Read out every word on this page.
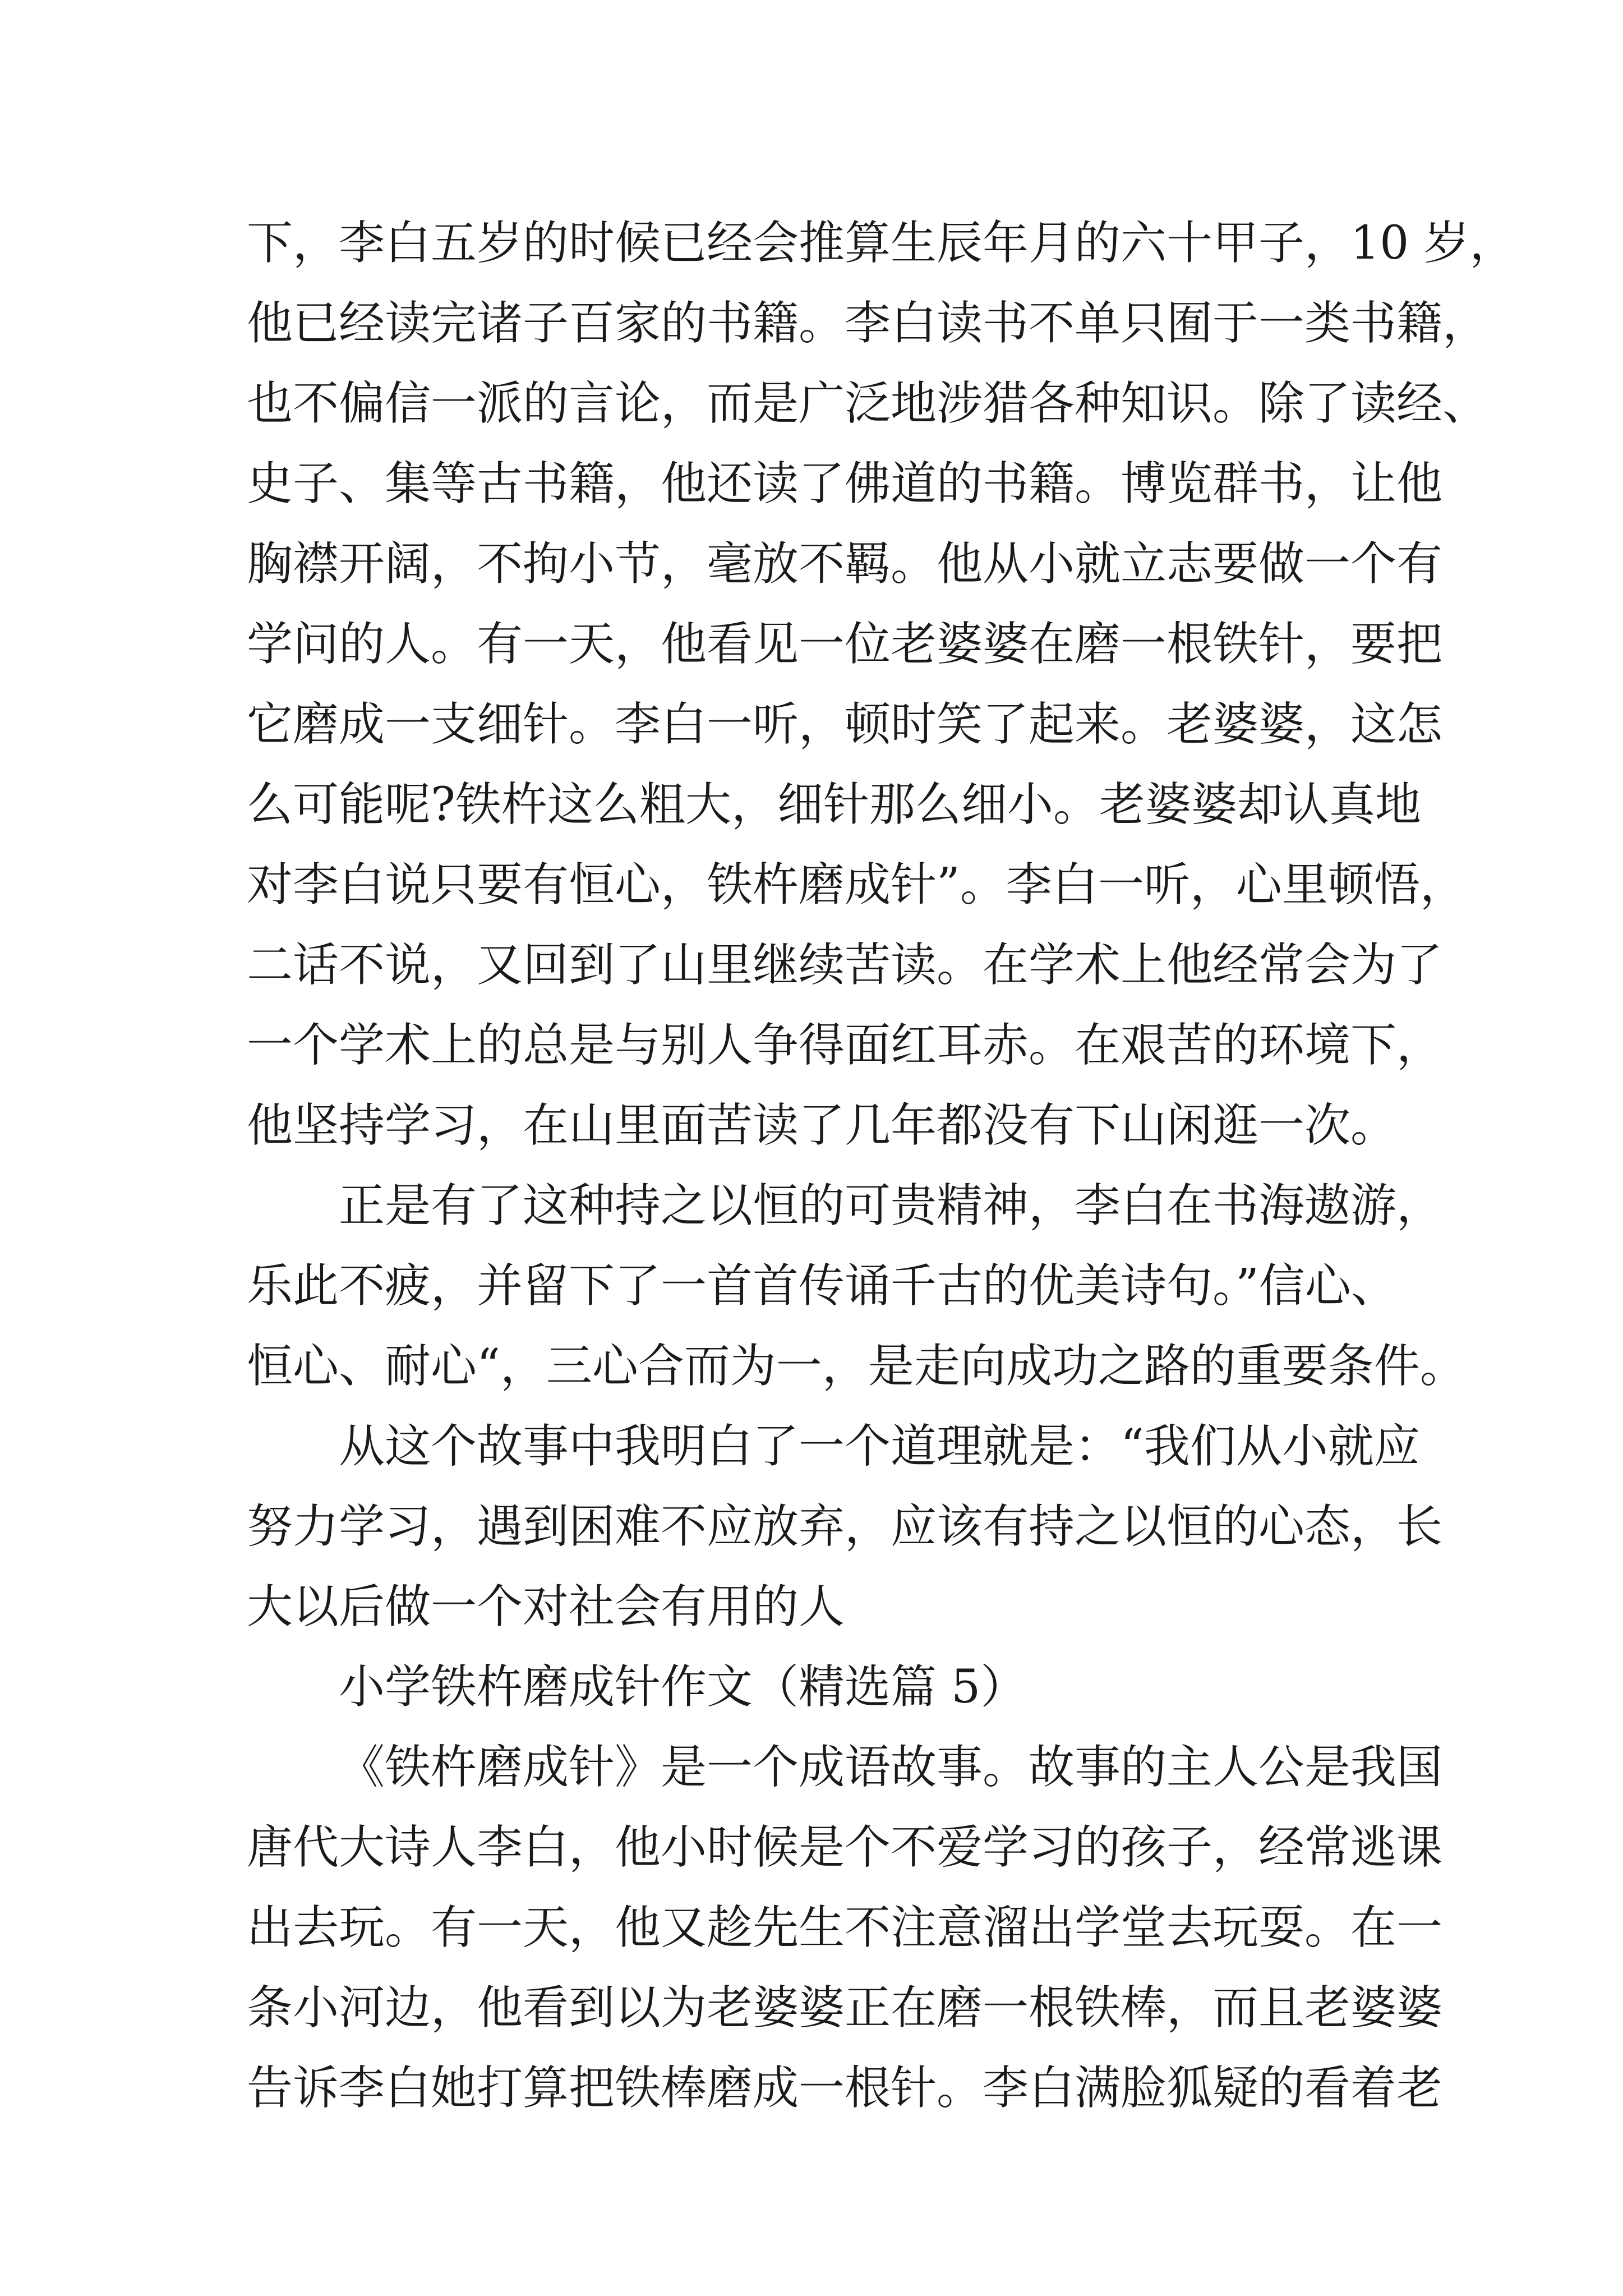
下，李白五岁的时候已经会推算生辰年月的六十甲子，10 岁，
他已经读完诸子百家的书籍。李白读书不单只囿于一类书籍，
也不偏信一派的言论，而是广泛地涉猎各种知识。除了读经、
史子、集等古书籍，他还读了佛道的书籍。博览群书，让他
胸襟开阔，不拘小节，毫放不羁。他从小就立志要做一个有
学问的人。有一天，他看见一位老婆婆在磨一根铁针，要把
它磨成一支细针。李白一听，顿时笑了起来。老婆婆，这怎
么可能呢?铁杵这么粗大，细针那么细小。老婆婆却认真地
对李白说只要有恒心，铁杵磨成针”。李白一听，心里顿悟，
二话不说，又回到了山里继续苦读。在学术上他经常会为了
一个学术上的总是与别人争得面红耳赤。在艰苦的环境下，
他坚持学习，在山里面苦读了几年都没有下山闲逛一次。
正是有了这种持之以恒的可贵精神，李白在书海遨游，
乐此不疲，并留下了一首首传诵千古的优美诗句。”信心、
恒心、耐心“，三心合而为一，是走向成功之路的重要条件。
从这个故事中我明白了一个道理就是：“我们从小就应
努力学习，遇到困难不应放弃，应该有持之以恒的心态，长
大以后做一个对社会有用的人
小学铁杵磨成针作文（精选篇 5）
《铁杵磨成针》是一个成语故事。故事的主人公是我国
唐代大诗人李白，他小时候是个不爱学习的孩子，经常逃课
出去玩。有一天，他又趁先生不注意溜出学堂去玩耍。在一
条小河边，他看到以为老婆婆正在磨一根铁棒，而且老婆婆
告诉李白她打算把铁棒磨成一根针。李白满脸狐疑的看着老
